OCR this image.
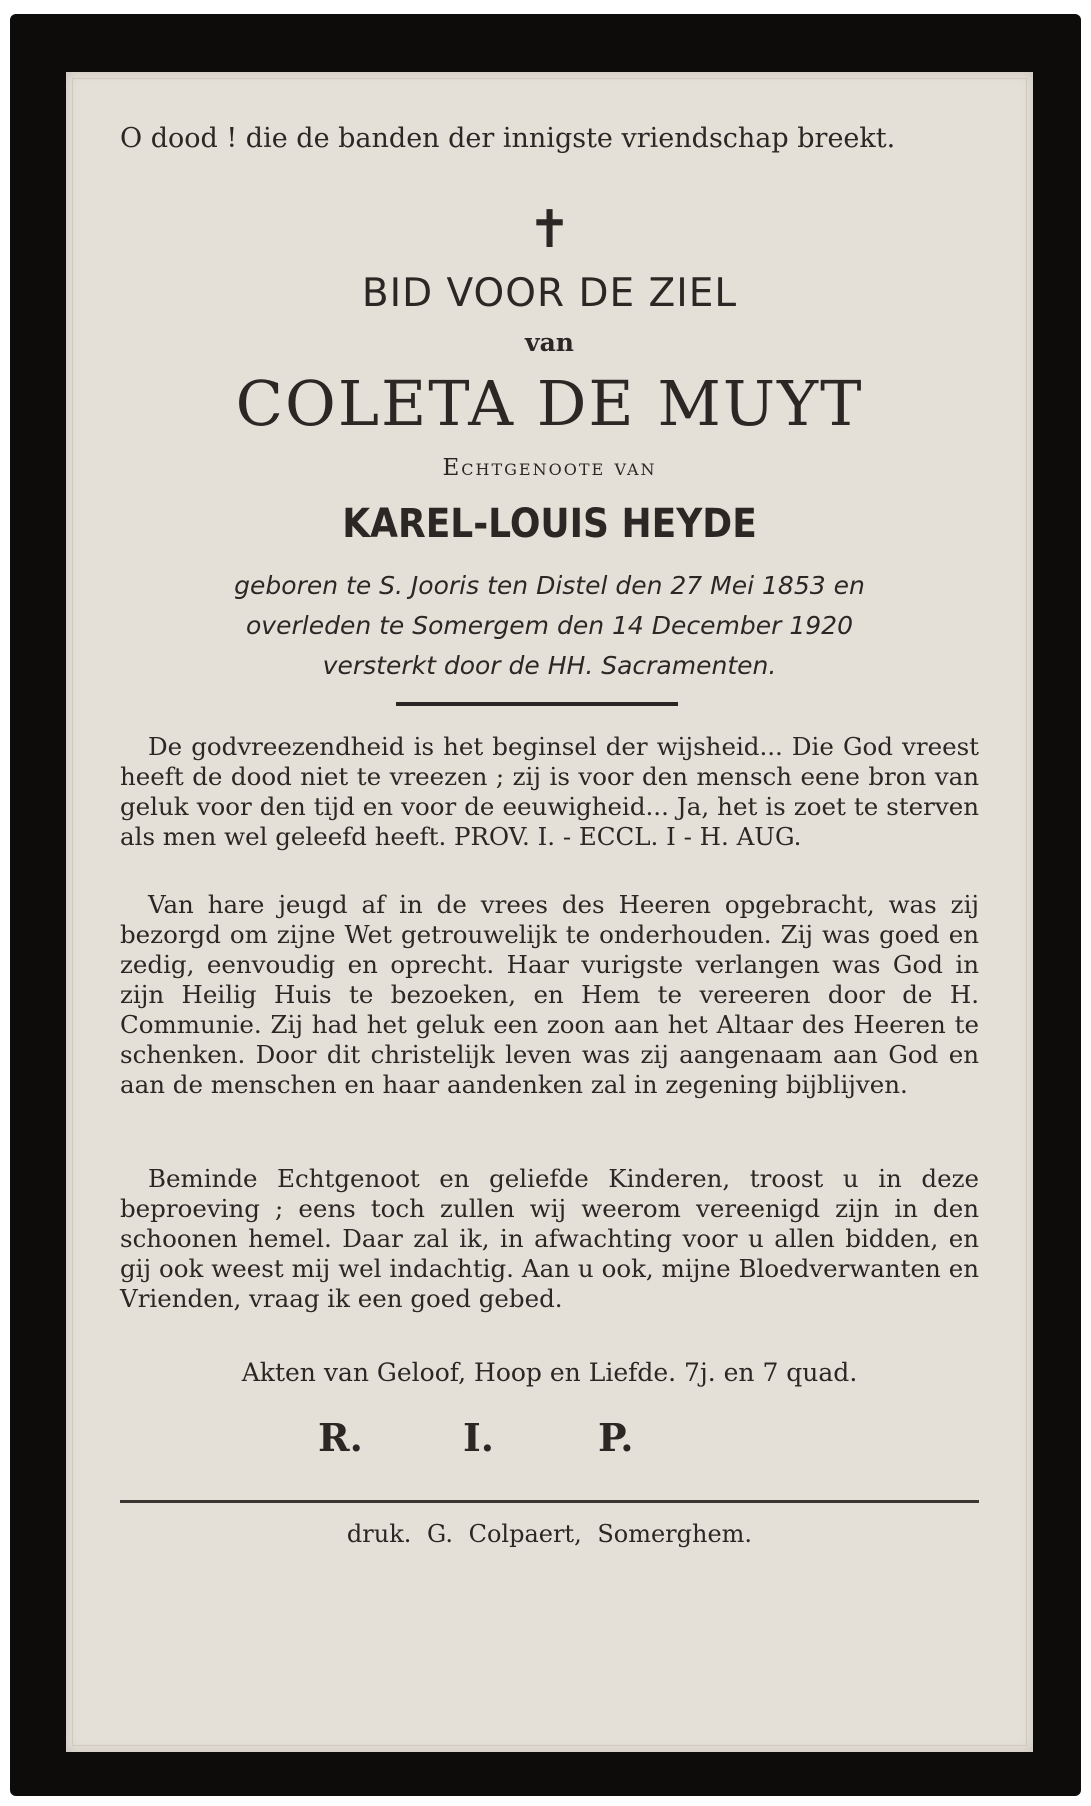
O dood ! die de banden der innigste vriendschap breekt.
✝
BID VOOR DE ZIEL
van
COLETA DE MUYT
Echtgenoote van
KAREL-LOUIS HEYDE
geboren te S. Jooris ten Distel den 27 Mei 1853 en
overleden te Somergem den 14 December 1920
versterkt door de HH. Sacramenten.
De godvreezendheid is het beginsel der wijsheid... Die God vreest heeft de dood niet te vreezen ; zij is voor den mensch eene bron van geluk voor den tijd en voor de eeuwigheid... Ja, het is zoet te sterven als men wel geleefd heeft. PROV. I. - ECCL. I - H. AUG.
Van hare jeugd af in de vrees des Heeren opgebracht, was zij bezorgd om zijne Wet getrouwelijk te onderhouden. Zij was goed en zedig, eenvoudig en oprecht. Haar vurigste verlangen was God in zijn Heilig Huis te bezoeken, en Hem te vereeren door de H. Communie. Zij had het geluk een zoon aan het Altaar des Heeren te schenken. Door dit christelijk leven was zij aangenaam aan God en aan de menschen en haar aandenken zal in zegening bijblijven.
Beminde Echtgenoot en geliefde Kinderen, troost u in deze beproeving ; eens toch zullen wij weerom vereenigd zijn in den schoonen hemel. Daar zal ik, in afwachting voor u allen bidden, en gij ook weest mij wel indachtig. Aan u ook, mijne Bloedverwanten en Vrienden, vraag ik een goed gebed.
Akten van Geloof, Hoop en Liefde. 7j. en 7 quad.
R.	I.	P.
druk. G. Colpaert, Somerghem.
